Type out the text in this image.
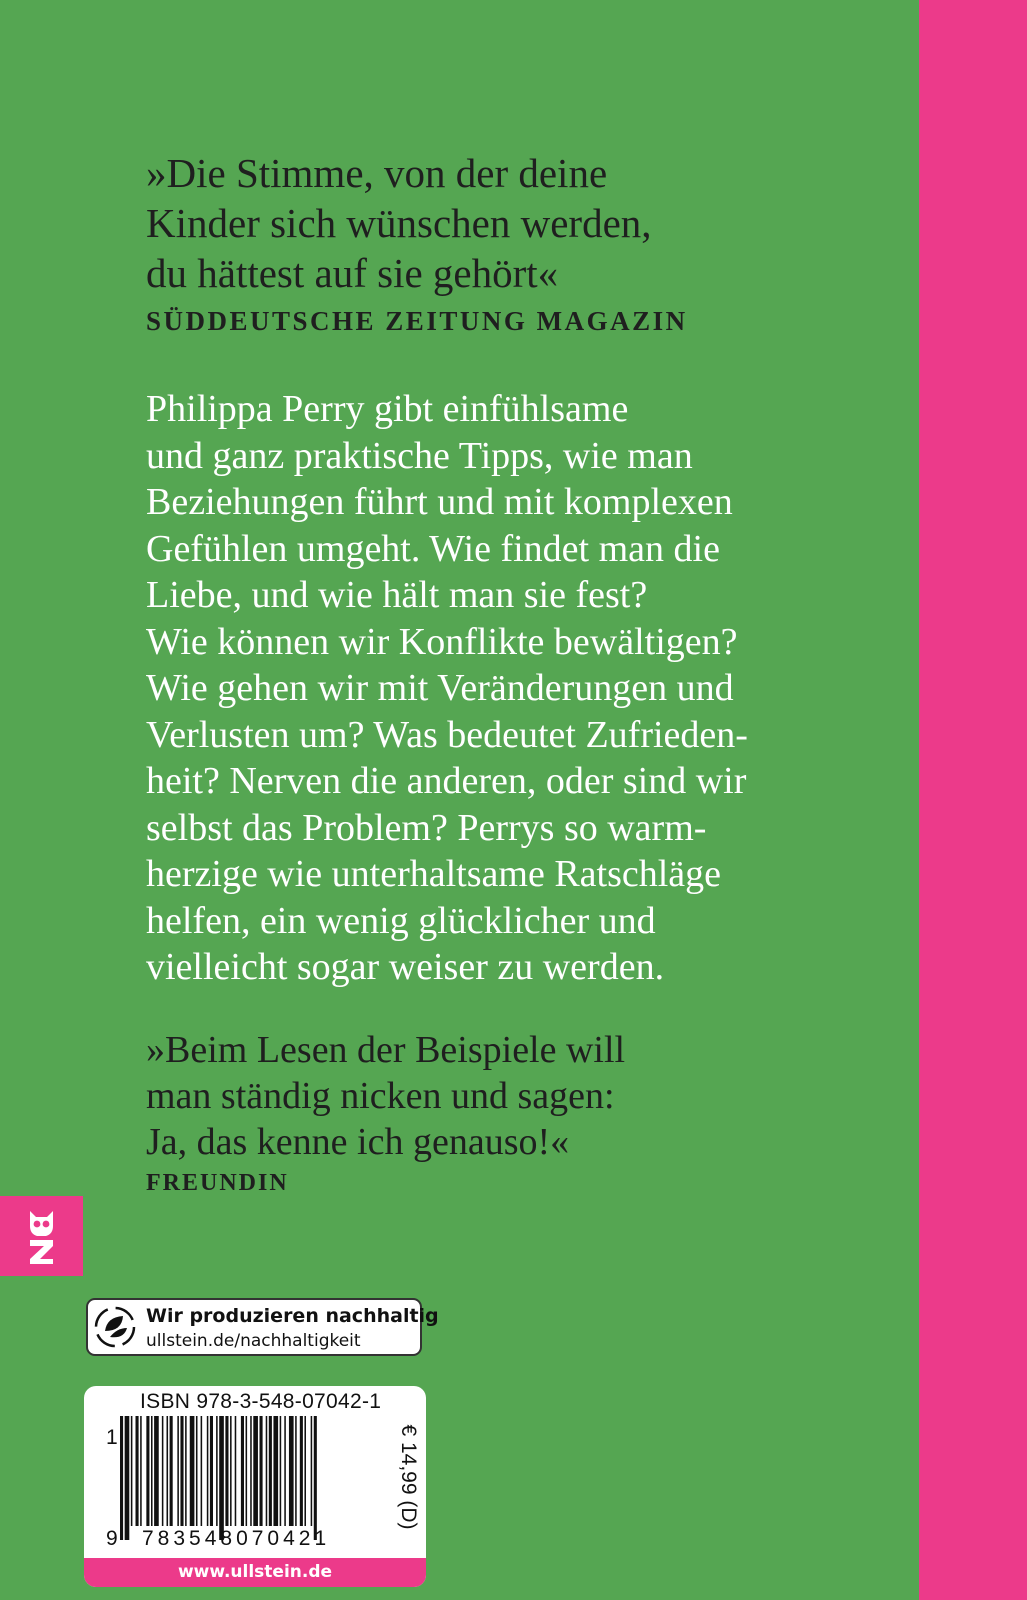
»Die Stimme, von der deine
Kinder sich wünschen werden,
du hättest auf sie gehört«
SÜDDEUTSCHE ZEITUNG MAGAZIN
Philippa Perry gibt einfühlsame
und ganz praktische Tipps, wie man
Beziehungen führt und mit komplexen
Gefühlen umgeht. Wie findet man die
Liebe, und wie hält man sie fest?
Wie können wir Konflikte bewältigen?
Wie gehen wir mit Veränderungen und
Verlusten um? Was bedeutet Zufrieden-
heit? Nerven die anderen, oder sind wir
selbst das Problem? Perrys so warm-
herzige wie unterhaltsame Ratschläge
helfen, ein wenig glücklicher und
vielleicht sogar weiser zu werden.
»Beim Lesen der Beispiele will
man ständig nicken und sagen:
Ja, das kenne ich genauso!«
FREUNDIN
Wir produzieren nachhaltig
ullstein.de/nachhaltigkeit
ISBN 978-3-548-07042-1
1
9 783548070421
€ 14,99 (D)
www.ullstein.de
